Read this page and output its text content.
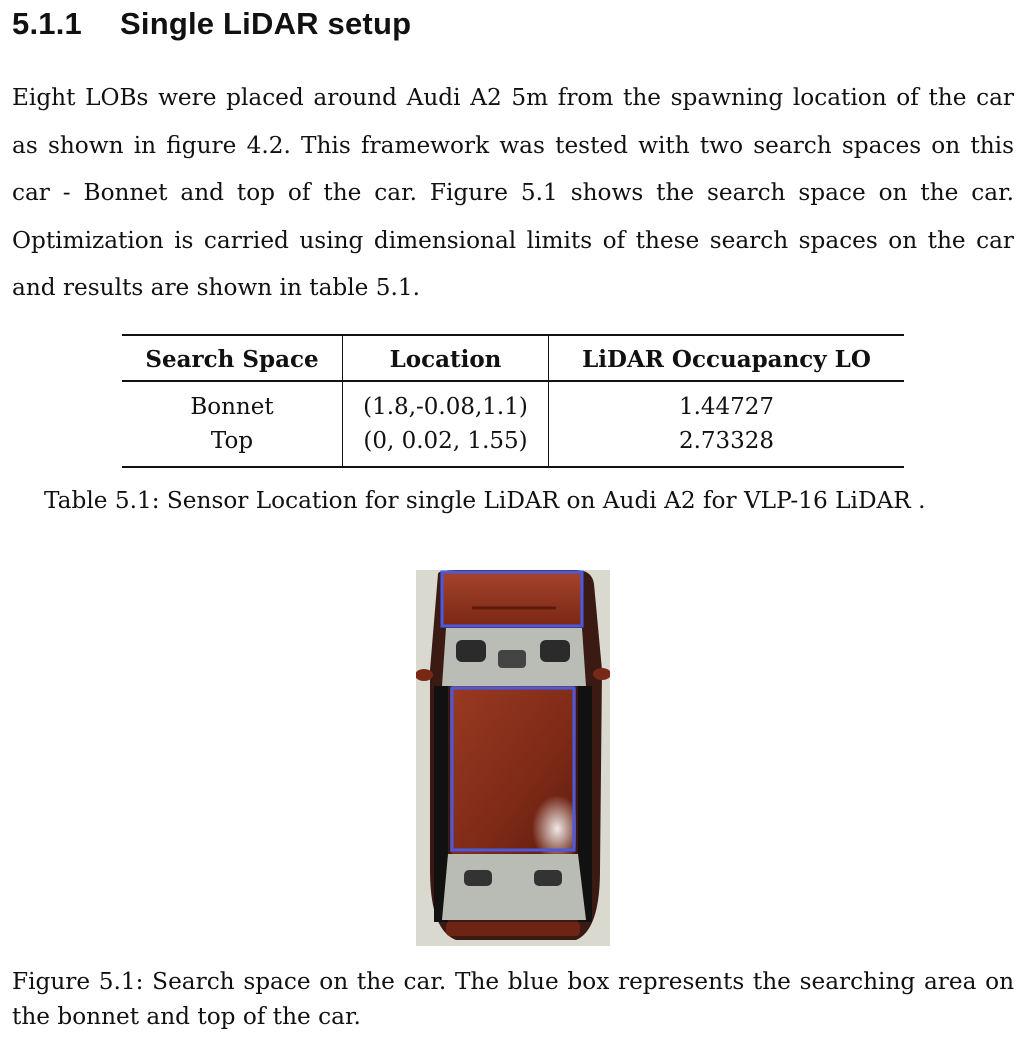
5.1.1 Single LiDAR setup
Eight LOBs were placed around Audi A2 5m from the spawning location of the car as shown in figure 4.2. This framework was tested with two search spaces on this car - Bonnet and top of the car. Figure 5.1 shows the search space on the car. Optimization is carried using dimensional limits of these search spaces on the car and results are shown in table 5.1.
Search Space	Location	LiDAR Occuapancy LO
Bonnet	(1.8,-0.08,1.1)	1.44727
Top	(0, 0.02, 1.55)	2.73328
Table 5.1: Sensor Location for single LiDAR on Audi A2 for VLP-16 LiDAR .
Figure 5.1: Search space on the car. The blue box represents the searching area on the bonnet and top of the car.
